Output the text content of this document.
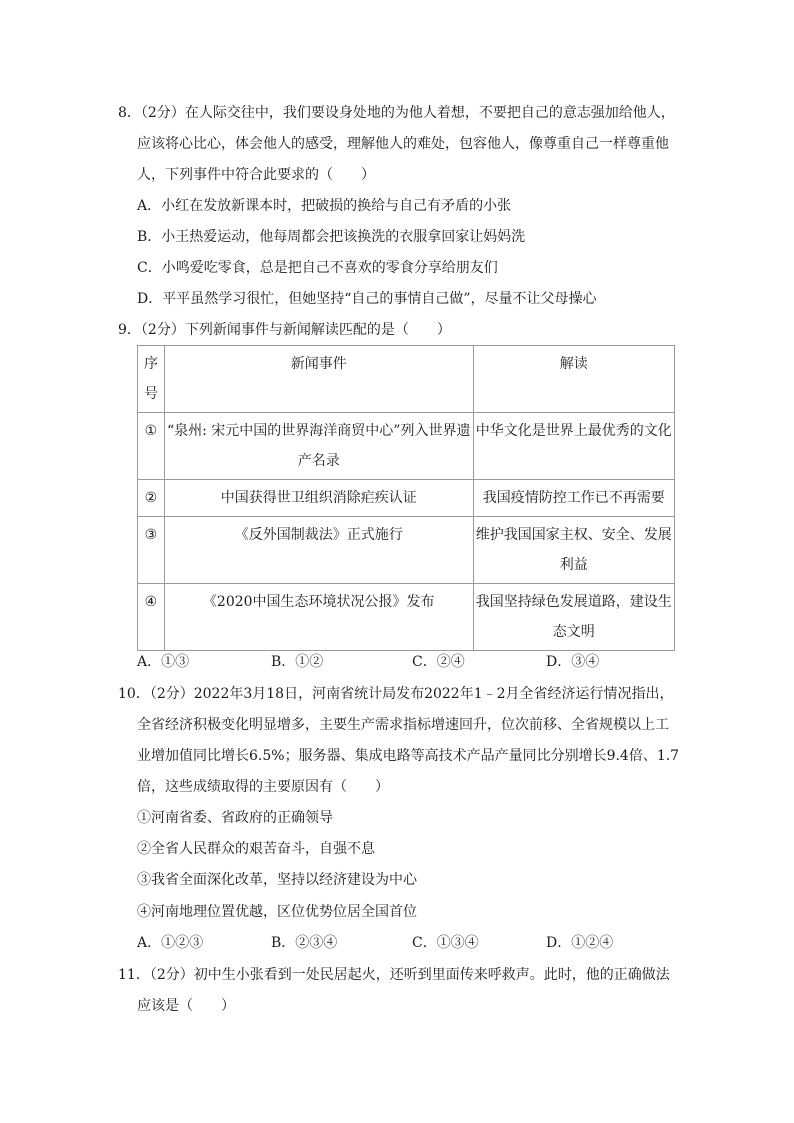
8．（2分）在人际交往中，我们要设身处地的为他人着想，不要把自己的意志强加给他人，
应该将心比心，体会他人的感受，理解他人的难处，包容他人，像尊重自己一样尊重他
人，下列事件中符合此要求的（　　）
A．小红在发放新课本时，把破损的换给与自己有矛盾的小张
B．小王热爱运动，他每周都会把该换洗的衣服拿回家让妈妈洗
C．小鸣爱吃零食，总是把自己不喜欢的零食分享给朋友们
D．平平虽然学习很忙，但她坚持“自己的事情自己做”，尽量不让父母操心
9．（2分）下列新闻事件与新闻解读匹配的是（　　）
序号	新闻事件	解读
①	“泉州: 宋元中国的世界海洋商贸中心”列入世界遗产名录	中华文化是世界上最优秀的文化
②	中国获得世卫组织消除疟疾认证	我国疫情防控工作已不再需要
③	《反外国制裁法》正式施行	维护我国国家主权、安全、发展利益
④	《2020中国生态环境状况公报》发布	我国坚持绿色发展道路，建设生态文明
A．①③	B．①②	C．②④	D．③④
10．（2分）2022年3月18日，河南省统计局发布2022年1﹣2月全省经济运行情况指出，
全省经济积极变化明显增多，主要生产需求指标增速回升，位次前移、全省规模以上工
业增加值同比增长6.5%；服务器、集成电路等高技术产品产量同比分别增长9.4倍、1.7
倍，这些成绩取得的主要原因有（　　）
①河南省委、省政府的正确领导
②全省人民群众的艰苦奋斗，自强不息
③我省全面深化改革，坚持以经济建设为中心
④河南地理位置优越，区位优势位居全国首位
A．①②③	B．②③④	C．①③④	D．①②④
11．（2分）初中生小张看到一处民居起火，还听到里面传来呼救声。此时，他的正确做法
应该是（　　）
